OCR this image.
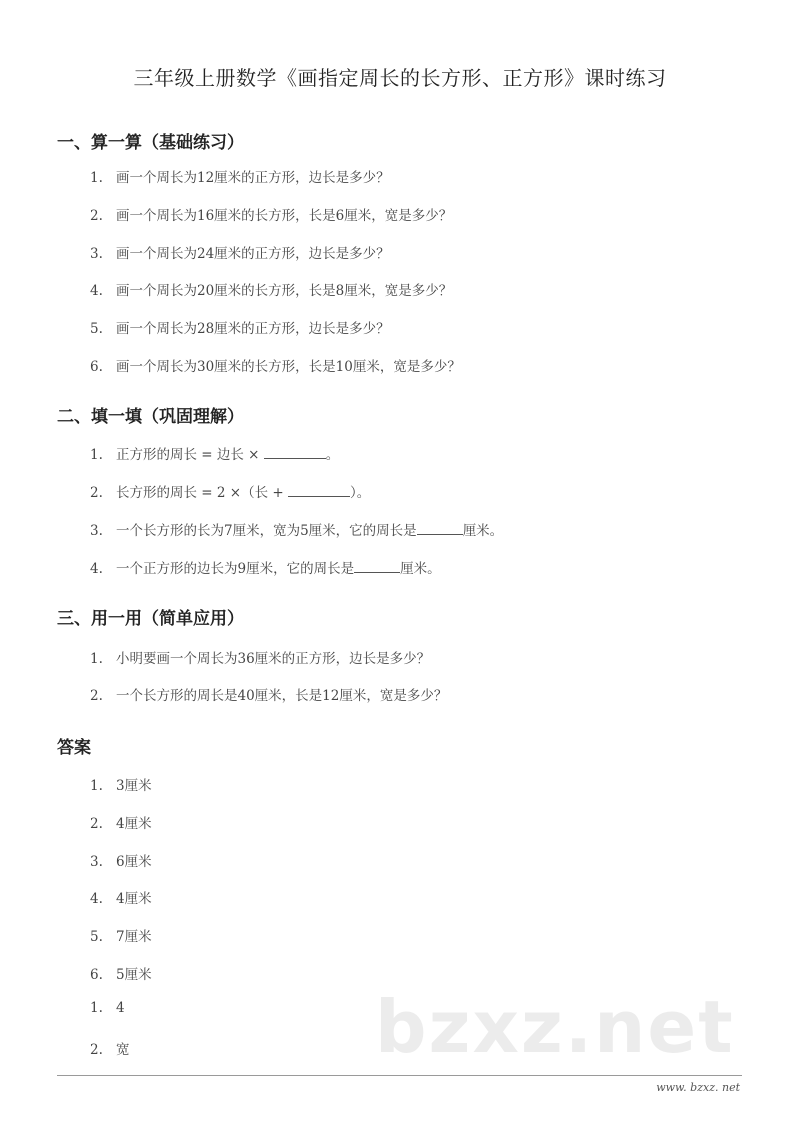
三年级上册数学《画指定周长的长方形、正方形》课时练习
一、算一算（基础练习）
1. 画一个周长为12厘米的正方形，边长是多少？
2. 画一个周长为16厘米的长方形，长是6厘米，宽是多少？
3. 画一个周长为24厘米的正方形，边长是多少？
4. 画一个周长为20厘米的长方形，长是8厘米，宽是多少？
5. 画一个周长为28厘米的正方形，边长是多少？
6. 画一个周长为30厘米的长方形，长是10厘米，宽是多少？
二、填一填（巩固理解）
1. 正方形的周长 = 边长 ×	。
2. 长方形的周长 = 2 ×（长 +	）。
3. 一个长方形的长为7厘米，宽为5厘米，它的周长是	厘米。
4. 一个正方形的边长为9厘米，它的周长是	厘米。
三、用一用（简单应用）
1. 小明要画一个周长为36厘米的正方形，边长是多少？
2. 一个长方形的周长是40厘米，长是12厘米，宽是多少？
答案
1. 3厘米
2. 4厘米
3. 6厘米
4. 4厘米
5. 7厘米
6. 5厘米
1. 4
2. 宽	bzxz.net
www. bzxz. net
